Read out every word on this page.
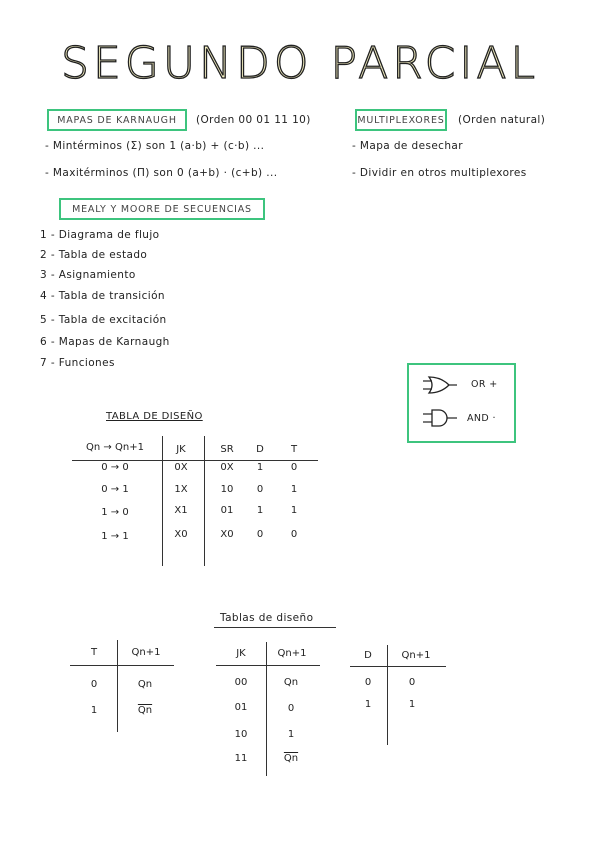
SEGUNDO PARCIAL
MAPAS DE KARNAUGH	(Orden 00 01 11 10)
- Mintérminos (Σ) son 1 (a·b) + (c·b) ...
- Maxitérminos (Π) son 0 (a+b) · (c+b) ...
MULTIPLEXORES (Orden natural)
- Mapa de desechar
- Dividir en otros multiplexores
MEALY Y MOORE DE SECUENCIAS
1 - Diagrama de flujo
2 - Tabla de estado
3 - Asignamiento
4 - Tabla de transición
5 - Tabla de excitación
6 - Mapas de Karnaugh
7 - Funciones
OR +
AND ·
TABLA DE DISEÑO
Qn → Qn+1	JK	SR	D	T
0 → 0	0X	0X	1	0
0 → 1	1X	10	0	1
1 → 0	X1	01	1	1
1 → 1	X0	X0	0	0
Tablas de diseño
T	Qn+1
0	Qn
1	$\overline{Qn}$
JK	Qn+1
00	Qn
01	0
10	1
11	$\overline{Qn}$
D	Qn+1
0	0
1	1
